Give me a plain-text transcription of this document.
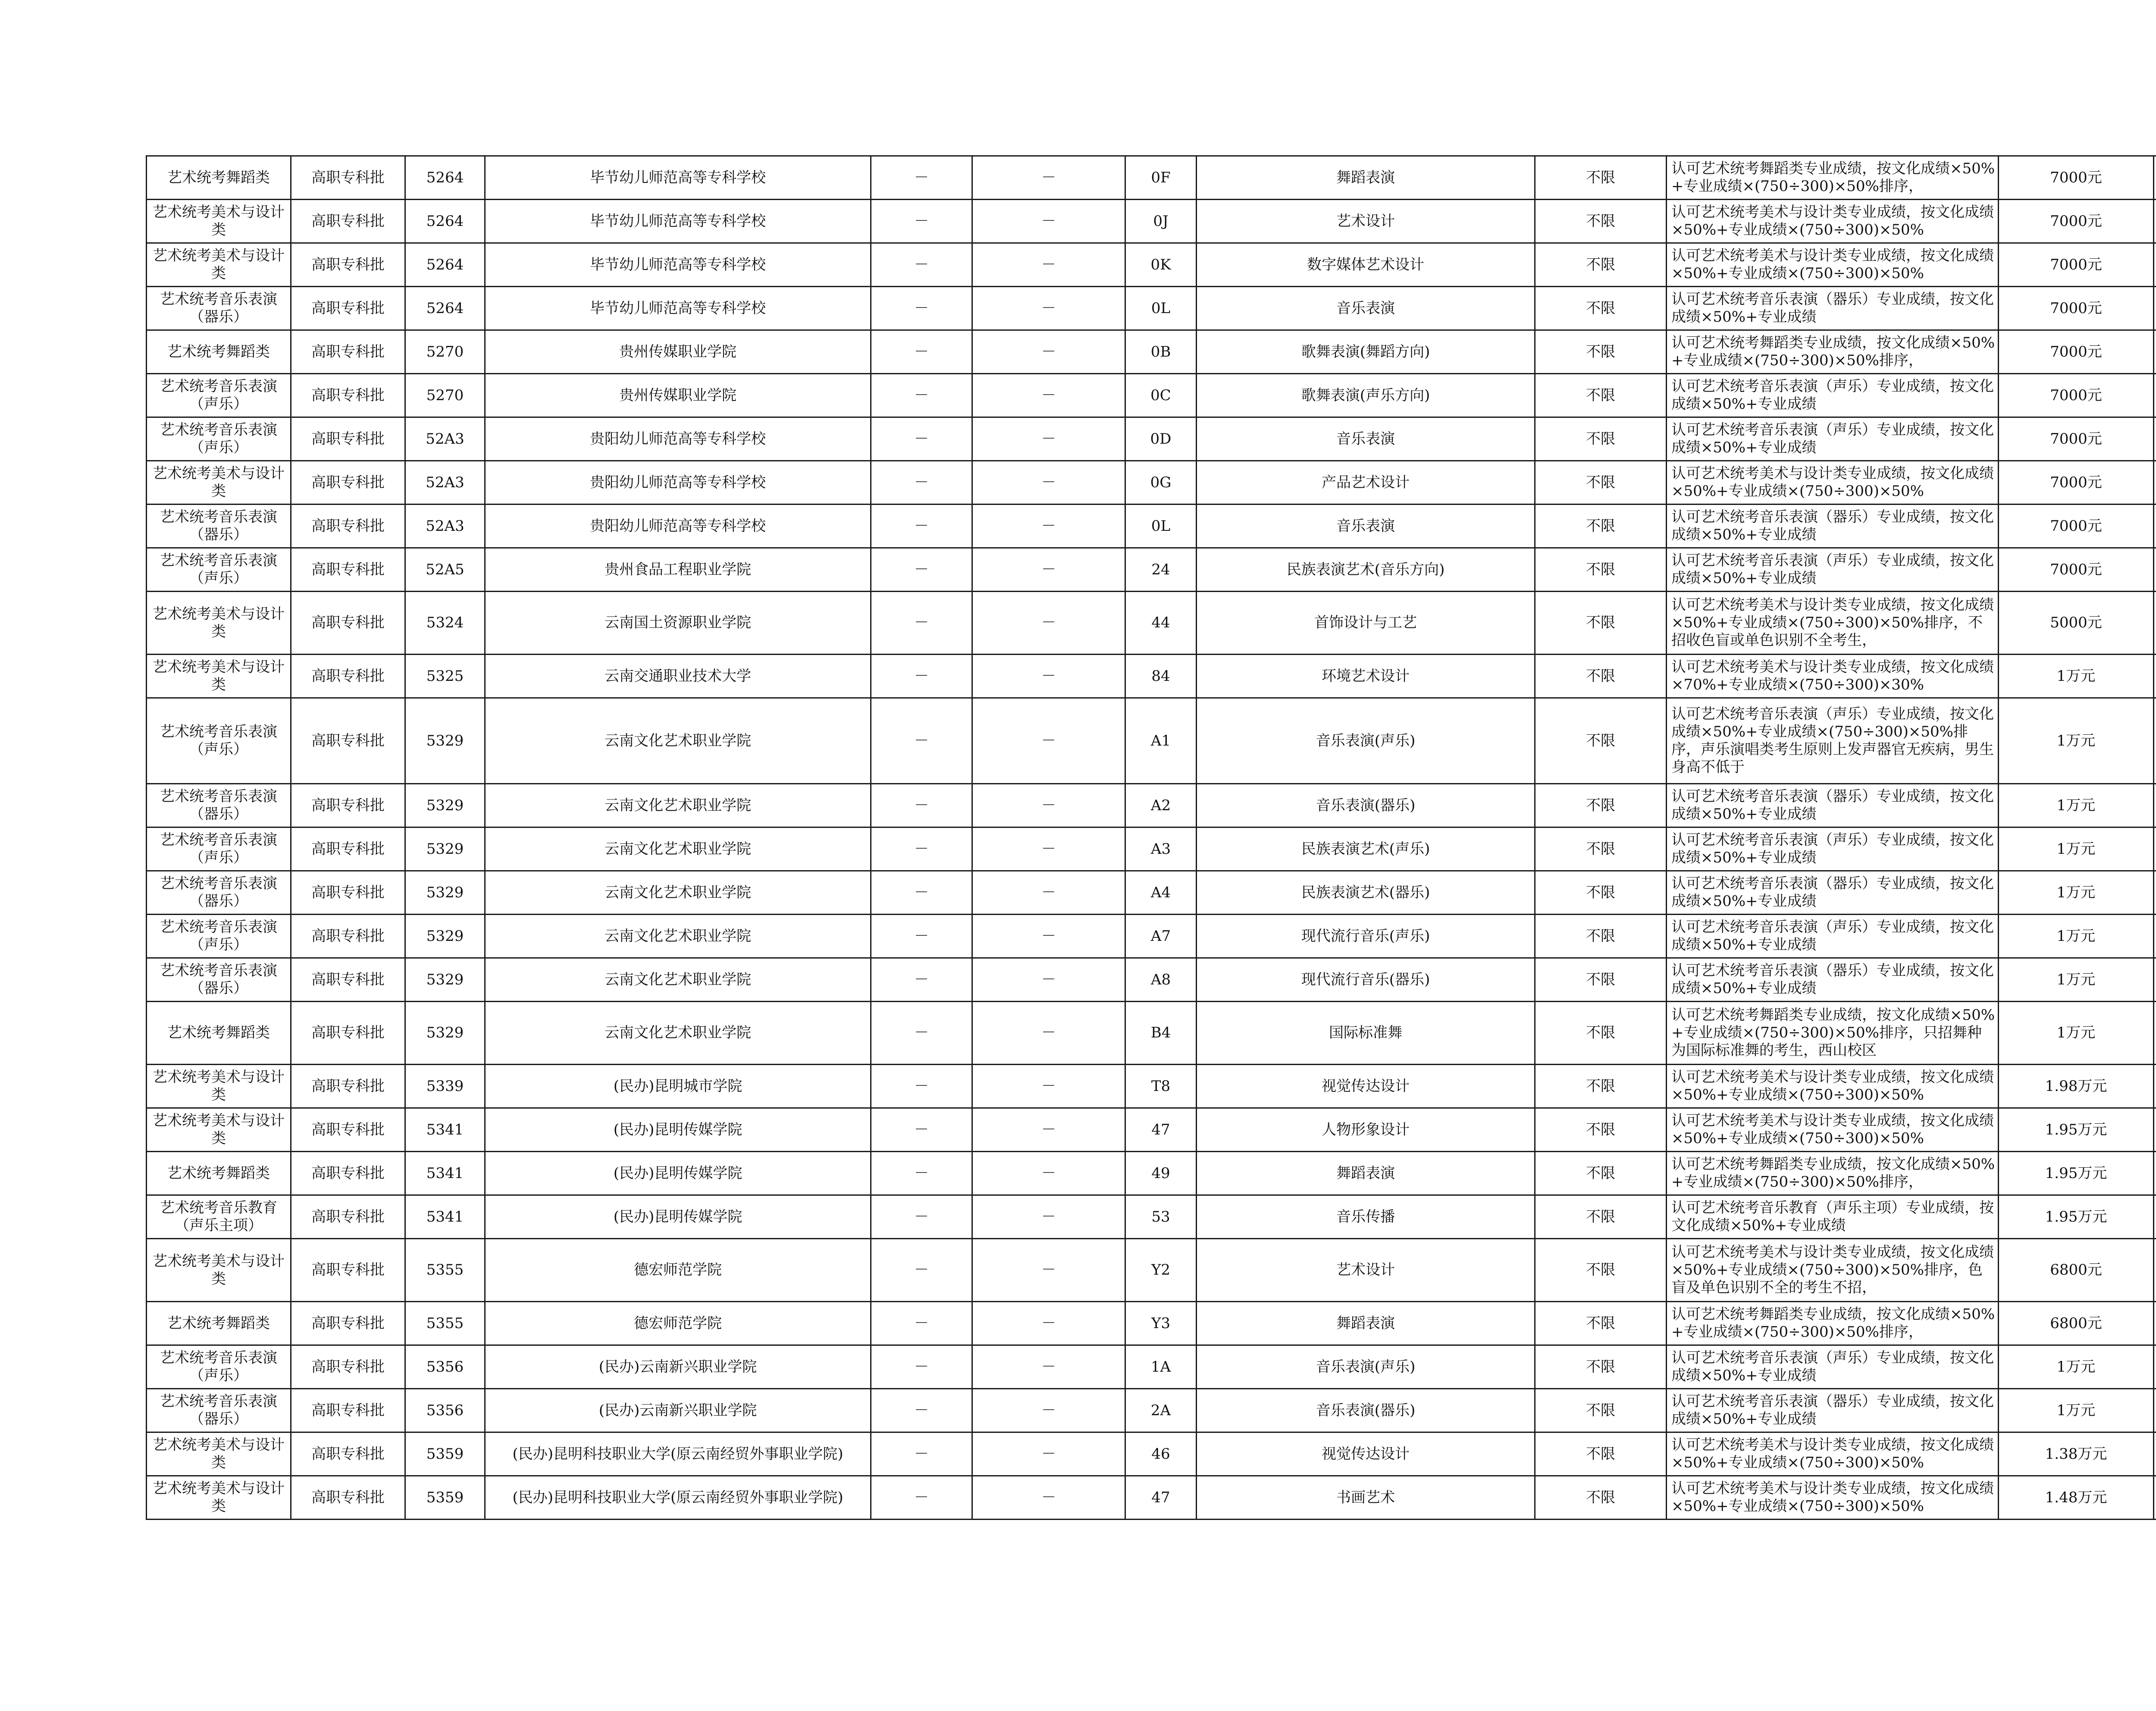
艺术统考舞蹈类	高职专科批	5264	毕节幼儿师范高等专科学校	－	－	0F	舞蹈表演	不限	认可艺术统考舞蹈类专业成绩，按文化成绩×50%+专业成绩×(750÷300)×50%排序，	7000元	
艺术统考美术与设计类	高职专科批	5264	毕节幼儿师范高等专科学校	－	－	0J	艺术设计	不限	认可艺术统考美术与设计类专业成绩，按文化成绩×50%+专业成绩×(750÷300)×50%	7000元	
艺术统考美术与设计类	高职专科批	5264	毕节幼儿师范高等专科学校	－	－	0K	数字媒体艺术设计	不限	认可艺术统考美术与设计类专业成绩，按文化成绩×50%+专业成绩×(750÷300)×50%	7000元	
艺术统考音乐表演（器乐）	高职专科批	5264	毕节幼儿师范高等专科学校	－	－	0L	音乐表演	不限	认可艺术统考音乐表演（器乐）专业成绩，按文化成绩×50%+专业成绩	7000元	
艺术统考舞蹈类	高职专科批	5270	贵州传媒职业学院	－	－	0B	歌舞表演(舞蹈方向)	不限	认可艺术统考舞蹈类专业成绩，按文化成绩×50%+专业成绩×(750÷300)×50%排序，	7000元	
艺术统考音乐表演（声乐）	高职专科批	5270	贵州传媒职业学院	－	－	0C	歌舞表演(声乐方向)	不限	认可艺术统考音乐表演（声乐）专业成绩，按文化成绩×50%+专业成绩	7000元	
艺术统考音乐表演（声乐）	高职专科批	52A3	贵阳幼儿师范高等专科学校	－	－	0D	音乐表演	不限	认可艺术统考音乐表演（声乐）专业成绩，按文化成绩×50%+专业成绩	7000元	
艺术统考美术与设计类	高职专科批	52A3	贵阳幼儿师范高等专科学校	－	－	0G	产品艺术设计	不限	认可艺术统考美术与设计类专业成绩，按文化成绩×50%+专业成绩×(750÷300)×50%	7000元	
艺术统考音乐表演（器乐）	高职专科批	52A3	贵阳幼儿师范高等专科学校	－	－	0L	音乐表演	不限	认可艺术统考音乐表演（器乐）专业成绩，按文化成绩×50%+专业成绩	7000元	
艺术统考音乐表演（声乐）	高职专科批	52A5	贵州食品工程职业学院	－	－	24	民族表演艺术(音乐方向)	不限	认可艺术统考音乐表演（声乐）专业成绩，按文化成绩×50%+专业成绩	7000元	
艺术统考美术与设计类	高职专科批	5324	云南国土资源职业学院	－	－	44	首饰设计与工艺	不限	认可艺术统考美术与设计类专业成绩，按文化成绩×50%+专业成绩×(750÷300)×50%排序，不招收色盲或单色识别不全考生，	5000元	
艺术统考美术与设计类	高职专科批	5325	云南交通职业技术大学	－	－	84	环境艺术设计	不限	认可艺术统考美术与设计类专业成绩，按文化成绩×70%+专业成绩×(750÷300)×30%	1万元	
艺术统考音乐表演（声乐）	高职专科批	5329	云南文化艺术职业学院	－	－	A1	音乐表演(声乐)	不限	认可艺术统考音乐表演（声乐）专业成绩，按文化成绩×50%+专业成绩×(750÷300)×50%排序，声乐演唱类考生原则上发声器官无疾病，男生身高不低于	1万元	
艺术统考音乐表演（器乐）	高职专科批	5329	云南文化艺术职业学院	－	－	A2	音乐表演(器乐)	不限	认可艺术统考音乐表演（器乐）专业成绩，按文化成绩×50%+专业成绩	1万元	
艺术统考音乐表演（声乐）	高职专科批	5329	云南文化艺术职业学院	－	－	A3	民族表演艺术(声乐)	不限	认可艺术统考音乐表演（声乐）专业成绩，按文化成绩×50%+专业成绩	1万元	
艺术统考音乐表演（器乐）	高职专科批	5329	云南文化艺术职业学院	－	－	A4	民族表演艺术(器乐)	不限	认可艺术统考音乐表演（器乐）专业成绩，按文化成绩×50%+专业成绩	1万元	
艺术统考音乐表演（声乐）	高职专科批	5329	云南文化艺术职业学院	－	－	A7	现代流行音乐(声乐)	不限	认可艺术统考音乐表演（声乐）专业成绩，按文化成绩×50%+专业成绩	1万元	
艺术统考音乐表演（器乐）	高职专科批	5329	云南文化艺术职业学院	－	－	A8	现代流行音乐(器乐)	不限	认可艺术统考音乐表演（器乐）专业成绩，按文化成绩×50%+专业成绩	1万元	
艺术统考舞蹈类	高职专科批	5329	云南文化艺术职业学院	－	－	B4	国际标准舞	不限	认可艺术统考舞蹈类专业成绩，按文化成绩×50%+专业成绩×(750÷300)×50%排序，只招舞种为国际标准舞的考生，西山校区	1万元	
艺术统考美术与设计类	高职专科批	5339	(民办)昆明城市学院	－	－	T8	视觉传达设计	不限	认可艺术统考美术与设计类专业成绩，按文化成绩×50%+专业成绩×(750÷300)×50%	1.98万元	
艺术统考美术与设计类	高职专科批	5341	(民办)昆明传媒学院	－	－	47	人物形象设计	不限	认可艺术统考美术与设计类专业成绩，按文化成绩×50%+专业成绩×(750÷300)×50%	1.95万元	
艺术统考舞蹈类	高职专科批	5341	(民办)昆明传媒学院	－	－	49	舞蹈表演	不限	认可艺术统考舞蹈类专业成绩，按文化成绩×50%+专业成绩×(750÷300)×50%排序，	1.95万元	
艺术统考音乐教育（声乐主项）	高职专科批	5341	(民办)昆明传媒学院	－	－	53	音乐传播	不限	认可艺术统考音乐教育（声乐主项）专业成绩，按文化成绩×50%+专业成绩	1.95万元	
艺术统考美术与设计类	高职专科批	5355	德宏师范学院	－	－	Y2	艺术设计	不限	认可艺术统考美术与设计类专业成绩，按文化成绩×50%+专业成绩×(750÷300)×50%排序，色盲及单色识别不全的考生不招，	6800元	
艺术统考舞蹈类	高职专科批	5355	德宏师范学院	－	－	Y3	舞蹈表演	不限	认可艺术统考舞蹈类专业成绩，按文化成绩×50%+专业成绩×(750÷300)×50%排序，	6800元	
艺术统考音乐表演（声乐）	高职专科批	5356	(民办)云南新兴职业学院	－	－	1A	音乐表演(声乐)	不限	认可艺术统考音乐表演（声乐）专业成绩，按文化成绩×50%+专业成绩	1万元	
艺术统考音乐表演（器乐）	高职专科批	5356	(民办)云南新兴职业学院	－	－	2A	音乐表演(器乐)	不限	认可艺术统考音乐表演（器乐）专业成绩，按文化成绩×50%+专业成绩	1万元	
艺术统考美术与设计类	高职专科批	5359	(民办)昆明科技职业大学(原云南经贸外事职业学院)	－	－	46	视觉传达设计	不限	认可艺术统考美术与设计类专业成绩，按文化成绩×50%+专业成绩×(750÷300)×50%	1.38万元	
艺术统考美术与设计类	高职专科批	5359	(民办)昆明科技职业大学(原云南经贸外事职业学院)	－	－	47	书画艺术	不限	认可艺术统考美术与设计类专业成绩，按文化成绩×50%+专业成绩×(750÷300)×50%	1.48万元	
